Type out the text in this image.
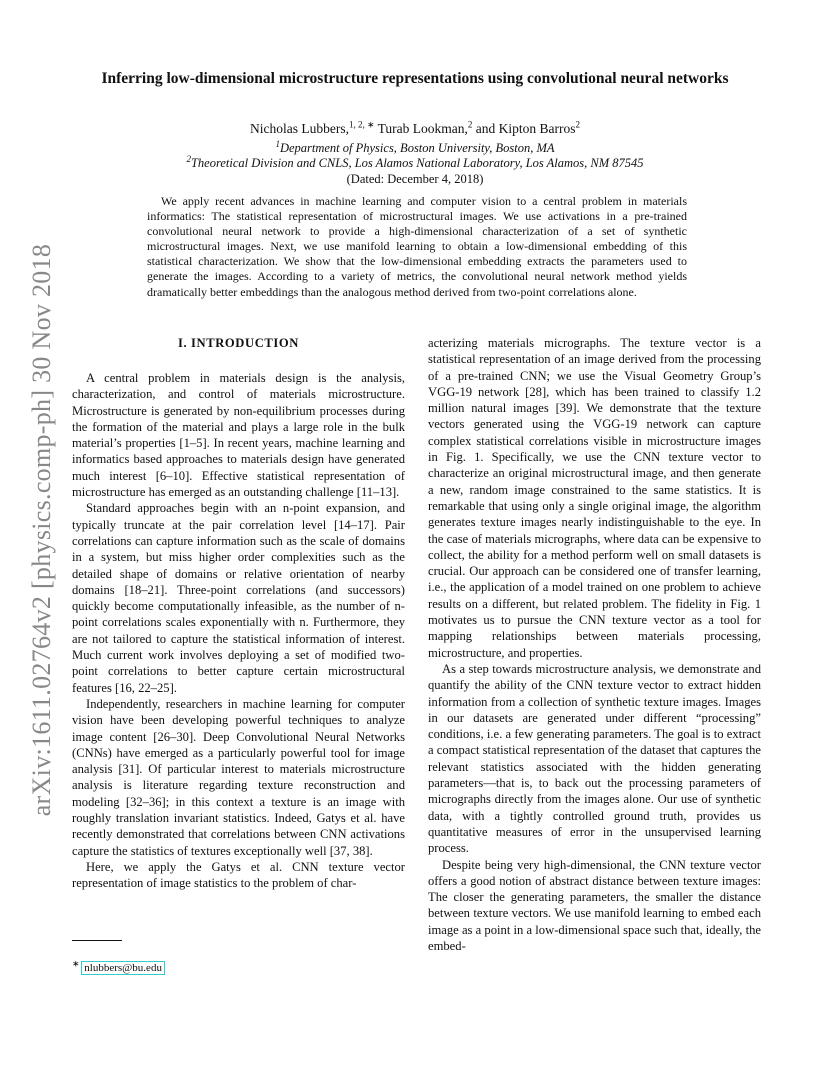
arXiv:1611.02764v2 [physics.comp-ph] 30 Nov 2018
Inferring low-dimensional microstructure representations using convolutional neural networks
Nicholas Lubbers,$^{1, 2, ∗}$ Turab Lookman,$^2$ and Kipton Barros$^2$
$^1$Department of Physics, Boston University, Boston, MA
$^2$Theoretical Division and CNLS, Los Alamos National Laboratory, Los Alamos, NM 87545
(Dated: December 4, 2018)
We apply recent advances in machine learning and computer vision to a central problem in materials informatics: The statistical representation of microstructural images. We use activations in a pre-trained convolutional neural network to provide a high-dimensional characterization of a set of synthetic microstructural images. Next, we use manifold learning to obtain a low-dimensional embedding of this statistical characterization. We show that the low-dimensional embedding extracts the parameters used to generate the images. According to a variety of metrics, the convolutional neural network method yields dramatically better embeddings than the analogous method derived from two-point correlations alone.
I. INTRODUCTION

A central problem in materials design is the analysis, characterization, and control of materials microstructure. Microstructure is generated by non-equilibrium processes during the formation of the material and plays a large role in the bulk material’s properties [1–5]. In recent years, machine learning and informatics based approaches to materials design have generated much interest [6–10]. Effective statistical representation of microstructure has emerged as an outstanding challenge [11–13].

Standard approaches begin with an n-point expansion, and typically truncate at the pair correlation level [14–17]. Pair correlations can capture information such as the scale of domains in a system, but miss higher order complexities such as the detailed shape of domains or relative orientation of nearby domains [18–21]. Three-point correlations (and successors) quickly become computationally infeasible, as the number of n-point correlations scales exponentially with n. Furthermore, they are not tailored to capture the statistical information of interest. Much current work involves deploying a set of modified two-point correlations to better capture certain microstructural features [16, 22–25].

Independently, researchers in machine learning for computer vision have been developing powerful techniques to analyze image content [26–30]. Deep Convolutional Neural Networks (CNNs) have emerged as a particularly powerful tool for image analysis [31]. Of particular interest to materials microstructure analysis is literature regarding texture reconstruction and modeling [32–36]; in this context a texture is an image with roughly translation invariant statistics. Indeed, Gatys et al. have recently demonstrated that correlations between CNN activations capture the statistics of textures exceptionally well [37, 38].

Here, we apply the Gatys et al. CNN texture vector representation of image statistics to the problem of char-

acterizing materials micrographs. The texture vector is a statistical representation of an image derived from the processing of a pre-trained CNN; we use the Visual Geometry Group’s VGG-19 network [28], which has been trained to classify 1.2 million natural images [39]. We demonstrate that the texture vectors generated using the VGG-19 network can capture complex statistical correlations visible in microstructure images in Fig. 1. Specifically, we use the CNN texture vector to characterize an original microstructural image, and then generate a new, random image constrained to the same statistics. It is remarkable that using only a single original image, the algorithm generates texture images nearly indistinguishable to the eye. In the case of materials micrographs, where data can be expensive to collect, the ability for a method perform well on small datasets is crucial. Our approach can be considered one of transfer learning, i.e., the application of a model trained on one problem to achieve results on a different, but related problem. The fidelity in Fig. 1 motivates us to pursue the CNN texture vector as a tool for mapping relationships between materials processing, microstructure, and properties.

As a step towards microstructure analysis, we demonstrate and quantify the ability of the CNN texture vector to extract hidden information from a collection of synthetic texture images. Images in our datasets are generated under different “processing” conditions, i.e. a few generating parameters. The goal is to extract a compact statistical representation of the dataset that captures the relevant statistics associated with the hidden generating parameters—that is, to back out the processing parameters of micrographs directly from the images alone. Our use of synthetic data, with a tightly controlled ground truth, provides us quantitative measures of error in the unsupervised learning process.

Despite being very high-dimensional, the CNN texture vector offers a good notion of abstract distance between texture images: The closer the generating parameters, the smaller the distance between texture vectors. We use manifold learning to embed each image as a point in a low-dimensional space such that, ideally, the embed-

∗ nlubbers@bu.edu
